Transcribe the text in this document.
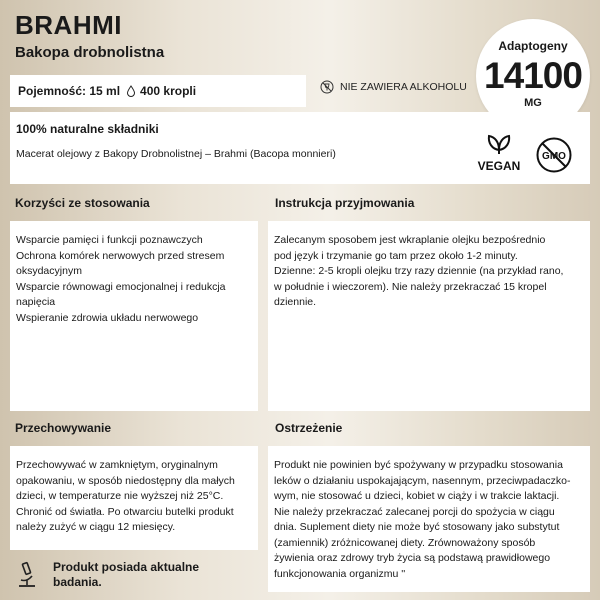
BRAHMI
Bakopa drobnolistna	Adaptogeny
14100
MG
Pojemność: 15 ml 400 kropli	NIE ZAWIERA ALKOHOLU
100% naturalne składniki
Macerat olejowy z Bakopy Drobnolistnej – Brahmi (Bacopa monnieri)
VEGAN
GMO
Korzyści ze stosowania	Instrukcja przyjmowania

Wsparcie pamięci i funkcji poznawczych

Ochrona komórek nerwowych przed stresem

oksydacyjnym

Wsparcie równowagi emocjonalnej i redukcja

napięcia

Wspieranie zdrowia układu nerwowego

Zalecanym sposobem jest wkraplanie olejku bezpośrednio

pod język i trzymanie go tam przez około 1-2 minuty.

Dzienne: 2-5 kropli olejku trzy razy dziennie (na przykład rano,

w południe i wieczorem). Nie należy przekraczać 15 kropel

dziennie.

Przechowywanie	Ostrzeżenie

Przechowywać w zamkniętym, oryginalnym

opakowaniu, w sposób niedostępny dla małych

dzieci, w temperaturze nie wyższej niż 25°C.

Chronić od światła. Po otwarciu butelki produkt

należy zużyć w ciągu 12 miesięcy.

Produkt nie powinien być spożywany w przypadku stosowania

leków o działaniu uspokajającym, nasennym, przeciwpadaczko-

wym, nie stosować u dzieci, kobiet w ciąży i w trakcie laktacji.

Nie należy przekraczać zalecanej porcji do spożycia w ciągu

dnia. Suplement diety nie może być stosowany jako substytut

(zamiennik) zróżnicowanej diety. Zrównoważony sposób

żywienia oraz zdrowy tryb życia są podstawą prawidłowego

funkcjonowania organizmu ''

Produkt posiada aktualne
badania.
